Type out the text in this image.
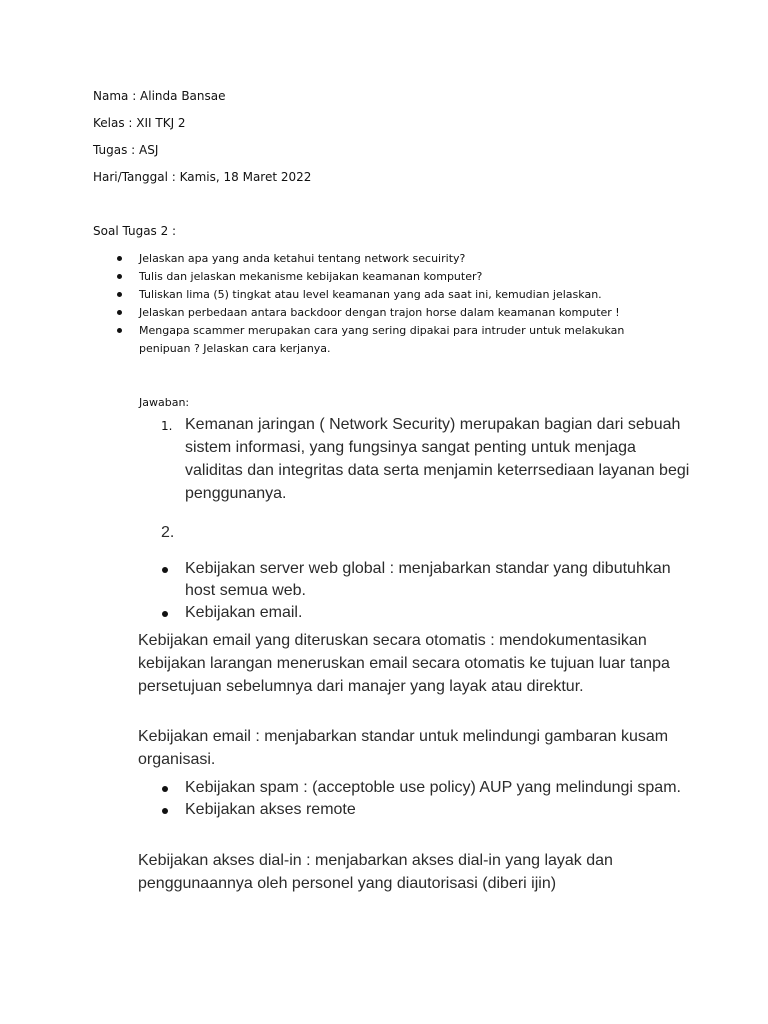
Nama : Alinda Bansae
Kelas : XII TKJ 2
Tugas : ASJ
Hari/Tanggal : Kamis, 18 Maret 2022
Soal Tugas 2 :
Jelaskan apa yang anda ketahui tentang network secuirity?
Tulis dan jelaskan mekanisme kebijakan keamanan komputer?
Tuliskan lima (5) tingkat atau level keamanan yang ada saat ini, kemudian jelaskan.
Jelaskan perbedaan antara backdoor dengan trajon horse dalam keamanan komputer !
Mengapa scammer merupakan cara yang sering dipakai para intruder untuk melakukan penipuan ? Jelaskan cara kerjanya.
Jawaban:
1. Kemanan jaringan ( Network Security) merupakan bagian dari sebuah sistem informasi, yang fungsinya sangat penting untuk menjaga validitas dan integritas data serta menjamin keterrsediaan layanan begi penggunanya.
2.
Kebijakan server web global : menjabarkan standar yang dibutuhkan host semua web.
Kebijakan email.
Kebijakan email yang diteruskan secara otomatis : mendokumentasikan kebijakan larangan meneruskan email secara otomatis ke tujuan luar tanpa persetujuan sebelumnya dari manajer yang layak atau direktur.
Kebijakan email : menjabarkan standar untuk melindungi gambaran kusam organisasi.
Kebijakan spam : (acceptoble use policy) AUP yang melindungi spam.
Kebijakan akses remote
Kebijakan akses dial-in : menjabarkan akses dial-in yang layak dan penggunaannya oleh personel yang diautorisasi (diberi ijin)
